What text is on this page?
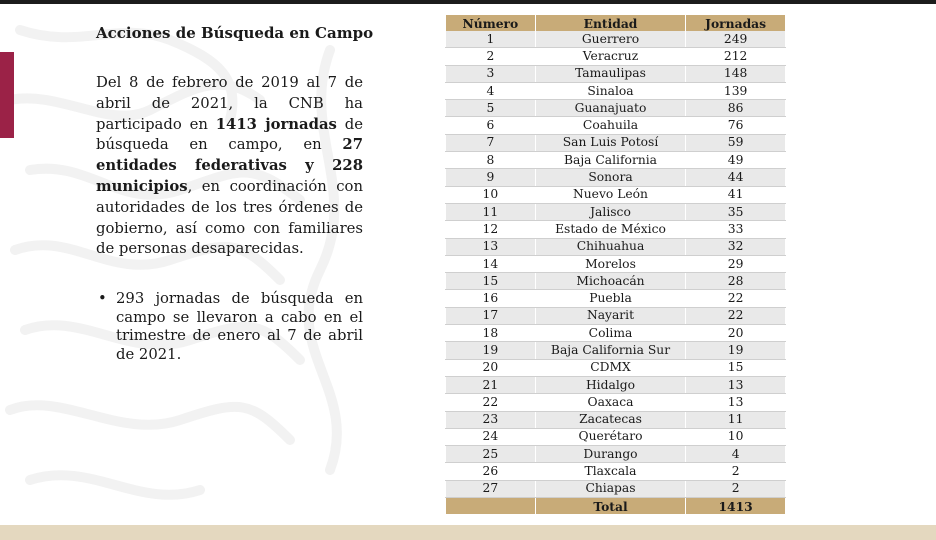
Acciones de Búsqueda en Campo

Del 8 de febrero de 2019 al 7 de abril de 2021, la CNB ha participado en 1413 jornadas de búsqueda en campo, en 27 entidades federativas y 228 municipios, en coordinación con autoridades de los tres órdenes de gobierno, así como con familiares de personas desaparecidas.

• 293 jornadas de búsqueda en campo se llevaron a cabo en el trimestre de enero al 7 de abril de 2021.
Número	Entidad	Jornadas
1	Guerrero	249
2	Veracruz	212
3	Tamaulipas	148
4	Sinaloa	139
5	Guanajuato	86
6	Coahuila	76
7	San Luis Potosí	59
8	Baja California	49
9	Sonora	44
10	Nuevo León	41
11	Jalisco	35
12	Estado de México	33
13	Chihuahua	32
14	Morelos	29
15	Michoacán	28
16	Puebla	22
17	Nayarit	22
18	Colima	20
19	Baja California Sur	19
20	CDMX	15
21	Hidalgo	13
22	Oaxaca	13
23	Zacatecas	11
24	Querétaro	10
25	Durango	4
26	Tlaxcala	2
27	Chiapas	2
	Total	1413
